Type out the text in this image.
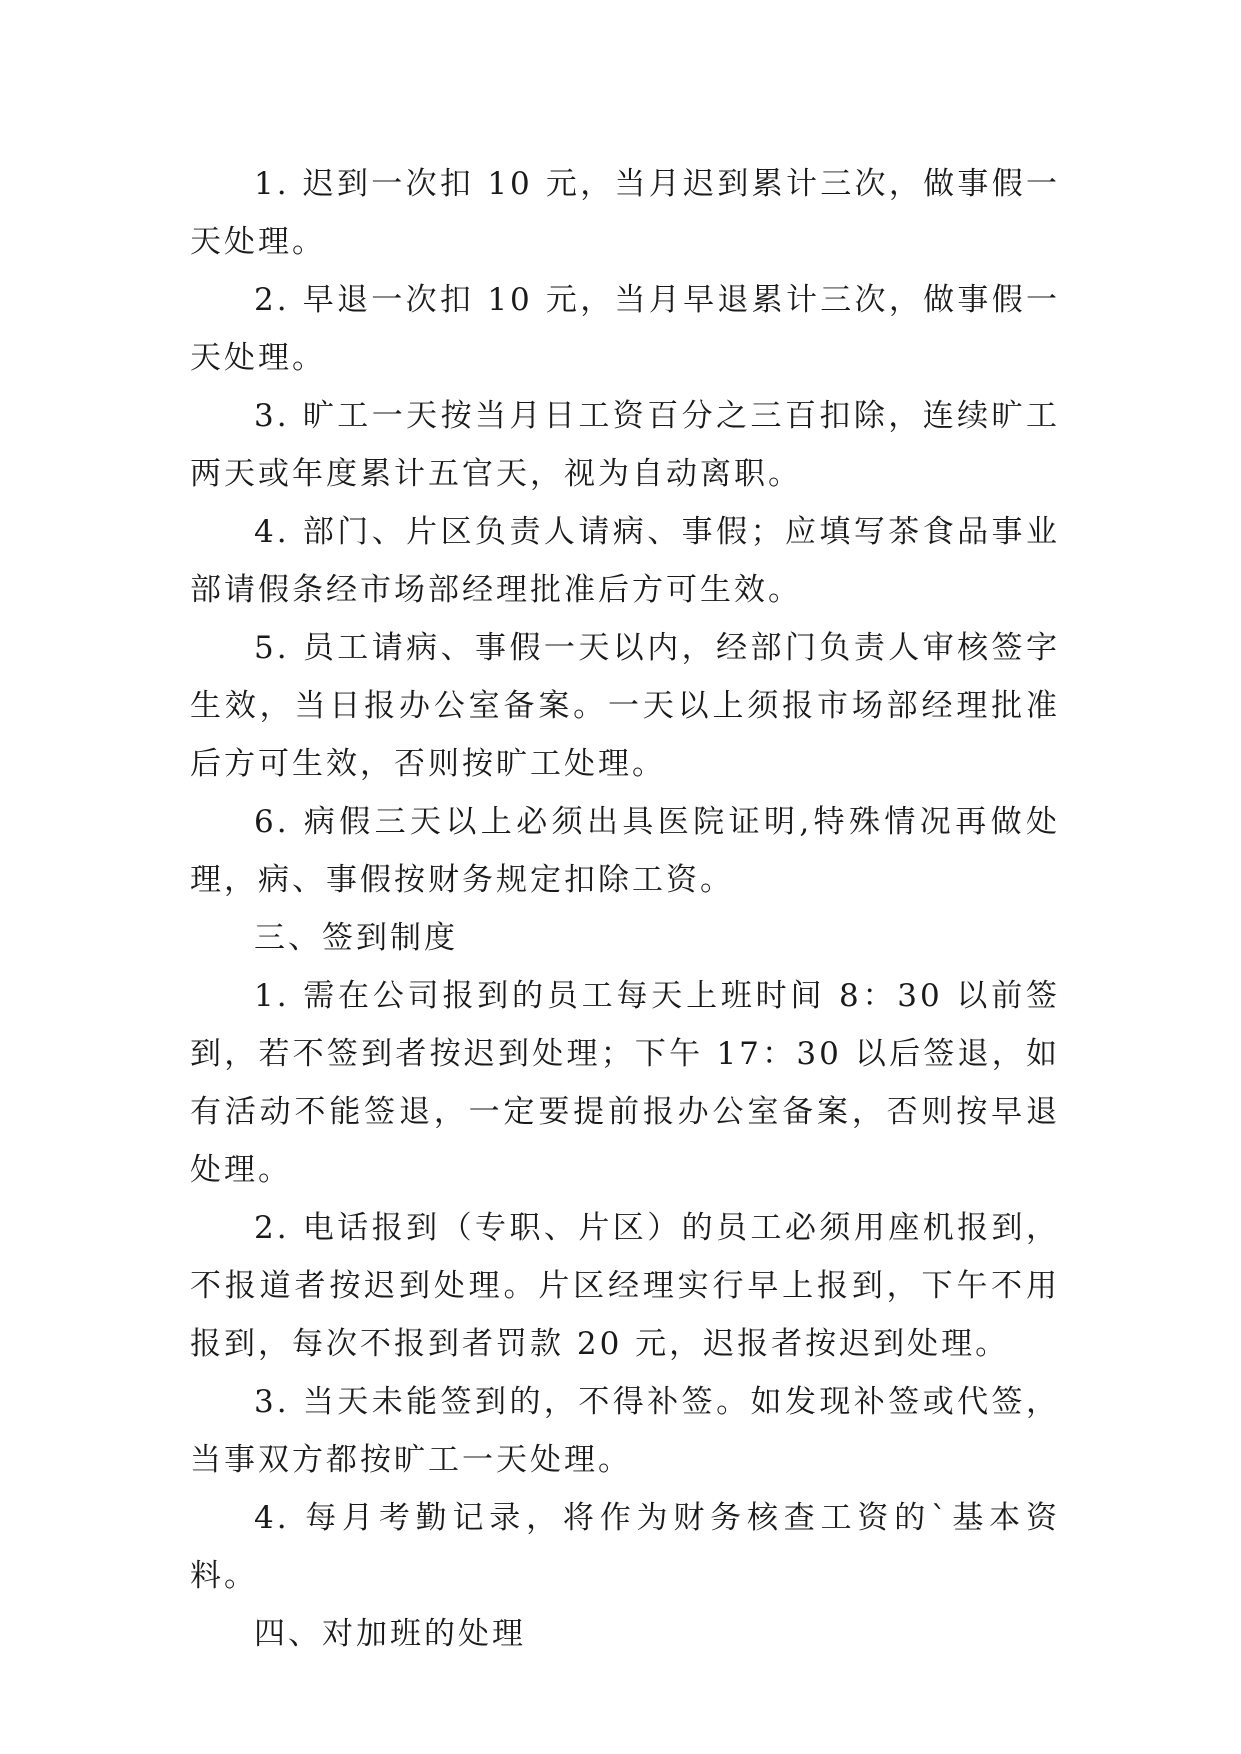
1. 迟到一次扣 10 元，当月迟到累计三次，做事假一天处理。

2. 早退一次扣 10 元，当月早退累计三次，做事假一天处理。

3. 旷工一天按当月日工资百分之三百扣除，连续旷工两天或年度累计五官天，视为自动离职。

4. 部门、片区负责人请病、事假；应填写茶食品事业部请假条经市场部经理批准后方可生效。

5. 员工请病、事假一天以内，经部门负责人审核签字生效，当日报办公室备案。一天以上须报市场部经理批准后方可生效，否则按旷工处理。

6. 病假三天以上必须出具医院证明,特殊情况再做处理，病、事假按财务规定扣除工资。

三、签到制度

1. 需在公司报到的员工每天上班时间 8：30 以前签到，若不签到者按迟到处理；下午 17：30 以后签退，如有活动不能签退，一定要提前报办公室备案，否则按早退处理。

2. 电话报到（专职、片区）的员工必须用座机报到，不报道者按迟到处理。片区经理实行早上报到，下午不用报到，每次不报到者罚款 20 元，迟报者按迟到处理。

3. 当天未能签到的，不得补签。如发现补签或代签，当事双方都按旷工一天处理。

4. 每月考勤记录，将作为财务核查工资的`基本资料。

四、对加班的处理
